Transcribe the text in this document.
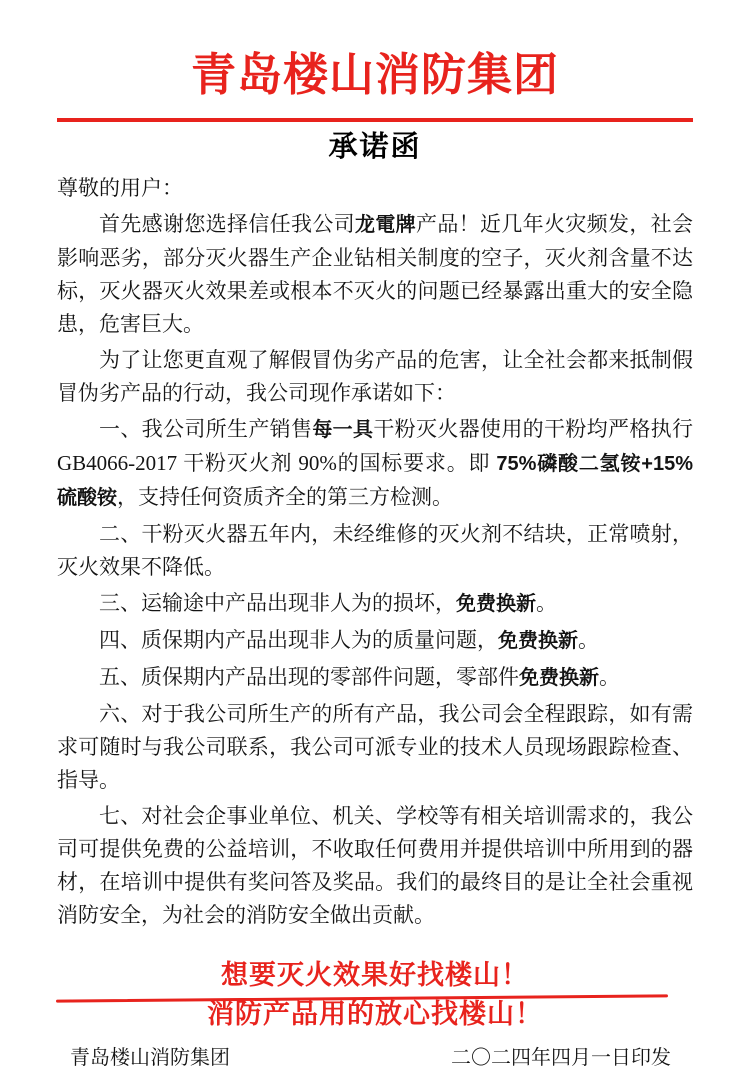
青岛楼山消防集团
承诺函

尊敬的用户：

首先感谢您选择信任我公司龙電牌产品！近几年火灾频发，社会影响恶劣，部分灭火器生产企业钻相关制度的空子，灭火剂含量不达标，灭火器灭火效果差或根本不灭火的问题已经暴露出重大的安全隐患，危害巨大。

为了让您更直观了解假冒伪劣产品的危害，让全社会都来抵制假冒伪劣产品的行动，我公司现作承诺如下：

一、我公司所生产销售每一具干粉灭火器使用的干粉均严格执行 GB4066-2017 干粉灭火剂 90%的国标要求。即 75%磷酸二氢铵+15%硫酸铵，支持任何资质齐全的第三方检测。

二、干粉灭火器五年内，未经维修的灭火剂不结块，正常喷射，灭火效果不降低。

三、运输途中产品出现非人为的损坏，免费换新。

四、质保期内产品出现非人为的质量问题，免费换新。

五、质保期内产品出现的零部件问题，零部件免费换新。

六、对于我公司所生产的所有产品，我公司会全程跟踪，如有需求可随时与我公司联系，我公司可派专业的技术人员现场跟踪检查、指导。

七、对社会企事业单位、机关、学校等有相关培训需求的，我公司可提供免费的公益培训，不收取任何费用并提供培训中所用到的器材，在培训中提供有奖问答及奖品。我们的最终目的是让全社会重视消防安全，为社会的消防安全做出贡献。

想要灭火效果好找楼山！

消防产品用的放心找楼山！

青岛楼山消防集团	二〇二四年四月一日印发
